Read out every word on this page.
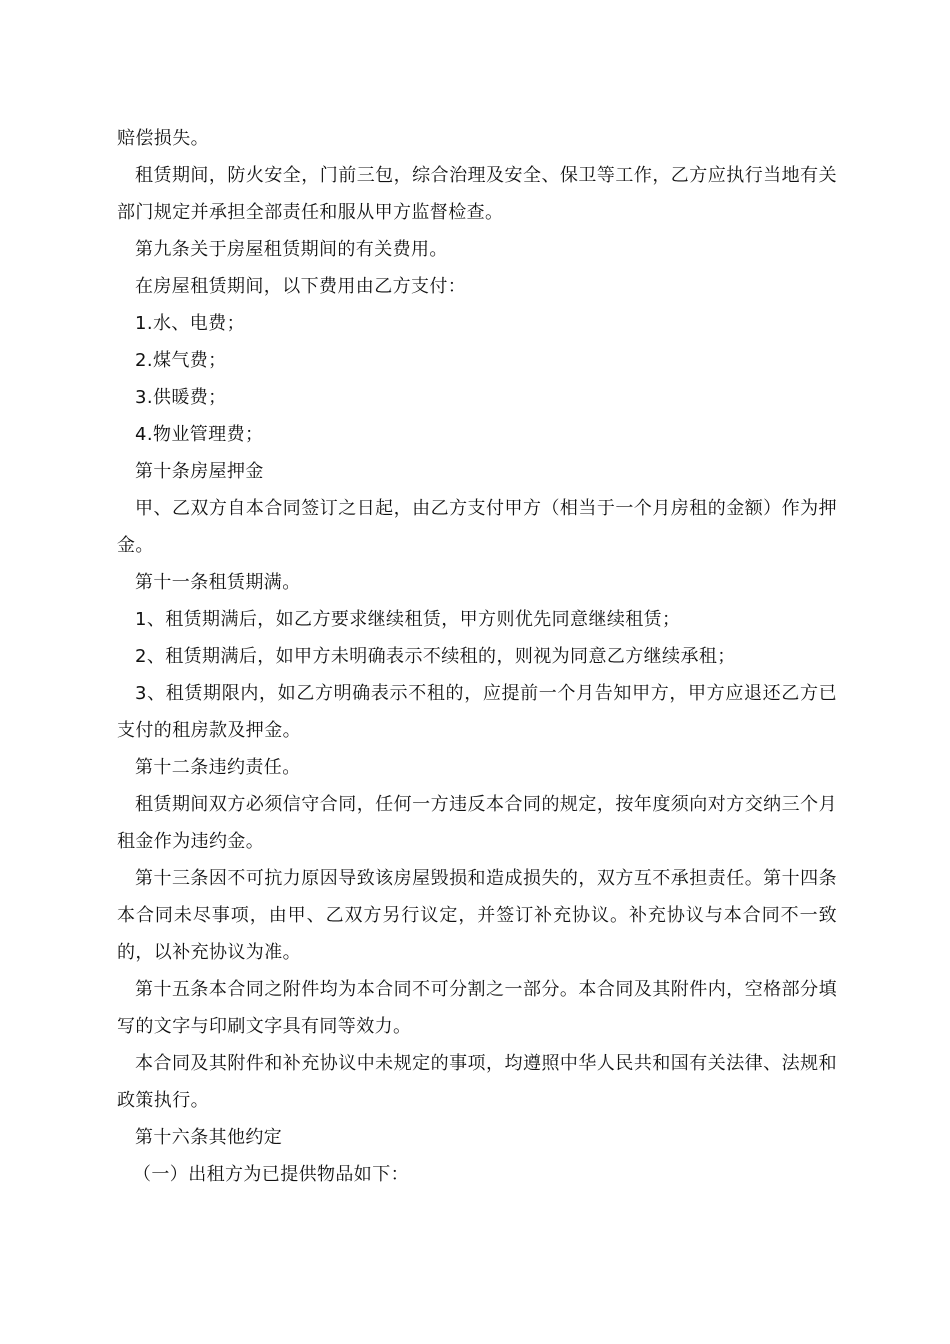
赔偿损失。

租赁期间，防火安全，门前三包，综合治理及安全、保卫等工作，乙方应执行当地有关部门规定并承担全部责任和服从甲方监督检查。

第九条关于房屋租赁期间的有关费用。

在房屋租赁期间，以下费用由乙方支付：

1.水、电费；

2.煤气费；

3.供暖费；

4.物业管理费；

第十条房屋押金

甲、乙双方自本合同签订之日起，由乙方支付甲方（相当于一个月房租的金额）作为押金。

第十一条租赁期满。

1、租赁期满后，如乙方要求继续租赁，甲方则优先同意继续租赁；

2、租赁期满后，如甲方未明确表示不续租的，则视为同意乙方继续承租；

3、租赁期限内，如乙方明确表示不租的，应提前一个月告知甲方，甲方应退还乙方已支付的租房款及押金。

第十二条违约责任。

租赁期间双方必须信守合同，任何一方违反本合同的规定，按年度须向对方交纳三个月租金作为违约金。

第十三条因不可抗力原因导致该房屋毁损和造成损失的，双方互不承担责任。第十四条本合同未尽事项，由甲、乙双方另行议定，并签订补充协议。补充协议与本合同不一致的，以补充协议为准。

第十五条本合同之附件均为本合同不可分割之一部分。本合同及其附件内，空格部分填写的文字与印刷文字具有同等效力。

本合同及其附件和补充协议中未规定的事项，均遵照中华人民共和国有关法律、法规和政策执行。

第十六条其他约定

（一）出租方为已提供物品如下：
